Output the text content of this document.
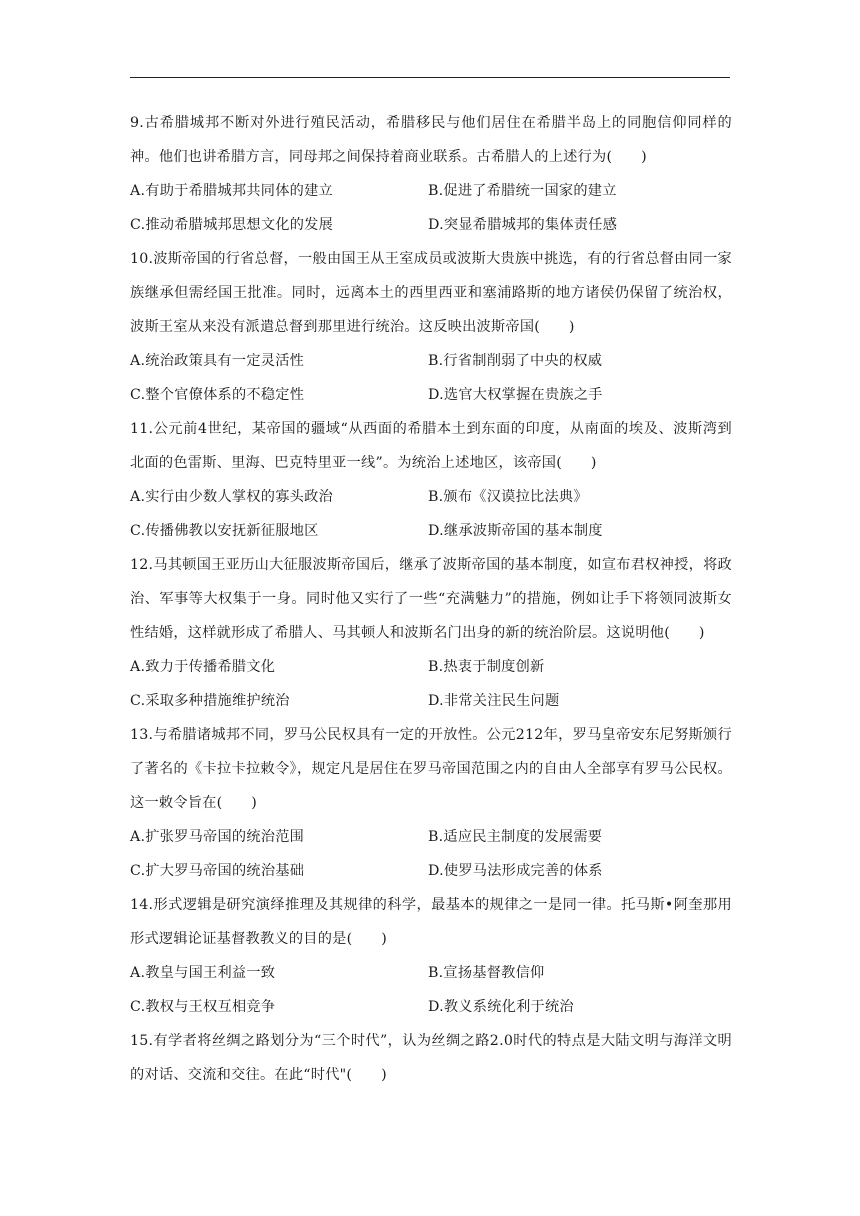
9.古希腊城邦不断对外进行殖民活动，希腊移民与他们居住在希腊半岛上的同胞信仰同样的神。他们也讲希腊方言，同母邦之间保持着商业联系。古希腊人的上述行为(　　)

A.有助于希腊城邦共同体的建立	B.促进了希腊统一国家的建立
C.推动希腊城邦思想文化的发展	D.突显希腊城邦的集体责任感

10.波斯帝国的行省总督，一般由国王从王室成员或波斯大贵族中挑选，有的行省总督由同一家族继承但需经国王批准。同时，远离本土的西里西亚和塞浦路斯的地方诸侯仍保留了统治权，波斯王室从来没有派遣总督到那里进行统治。这反映出波斯帝国(　　)

A.统治政策具有一定灵活性	B.行省制削弱了中央的权威
C.整个官僚体系的不稳定性	D.选官大权掌握在贵族之手

11.公元前4世纪，某帝国的疆域“从西面的希腊本土到东面的印度，从南面的埃及、波斯湾到北面的色雷斯、里海、巴克特里亚一线”。为统治上述地区，该帝国(　　)

A.实行由少数人掌权的寡头政治	B.颁布《汉谟拉比法典》
C.传播佛教以安抚新征服地区	D.继承波斯帝国的基本制度

12.马其顿国王亚历山大征服波斯帝国后，继承了波斯帝国的基本制度，如宣布君权神授，将政治、军事等大权集于一身。同时他又实行了一些“充满魅力”的措施，例如让手下将领同波斯女性结婚，这样就形成了希腊人、马其顿人和波斯名门出身的新的统治阶层。这说明他(　　)

A.致力于传播希腊文化	B.热衷于制度创新
C.采取多种措施维护统治	D.非常关注民生问题

13.与希腊诸城邦不同，罗马公民权具有一定的开放性。公元212年，罗马皇帝安东尼努斯颁行了著名的《卡拉卡拉敕令》，规定凡是居住在罗马帝国范围之内的自由人全部享有罗马公民权。这一敕令旨在(　　)

A.扩张罗马帝国的统治范围	B.适应民主制度的发展需要
C.扩大罗马帝国的统治基础	D.使罗马法形成完善的体系

14.形式逻辑是研究演绎推理及其规律的科学，最基本的规律之一是同一律。托马斯•阿奎那用形式逻辑论证基督教教义的目的是(　　)

A.教皇与国王利益一致	B.宣扬基督教信仰
C.教权与王权互相竞争	D.教义系统化利于统治

15.有学者将丝绸之路划分为“三个时代”，认为丝绸之路2.0时代的特点是大陆文明与海洋文明的对话、交流和交往。在此“时代"(　　)
